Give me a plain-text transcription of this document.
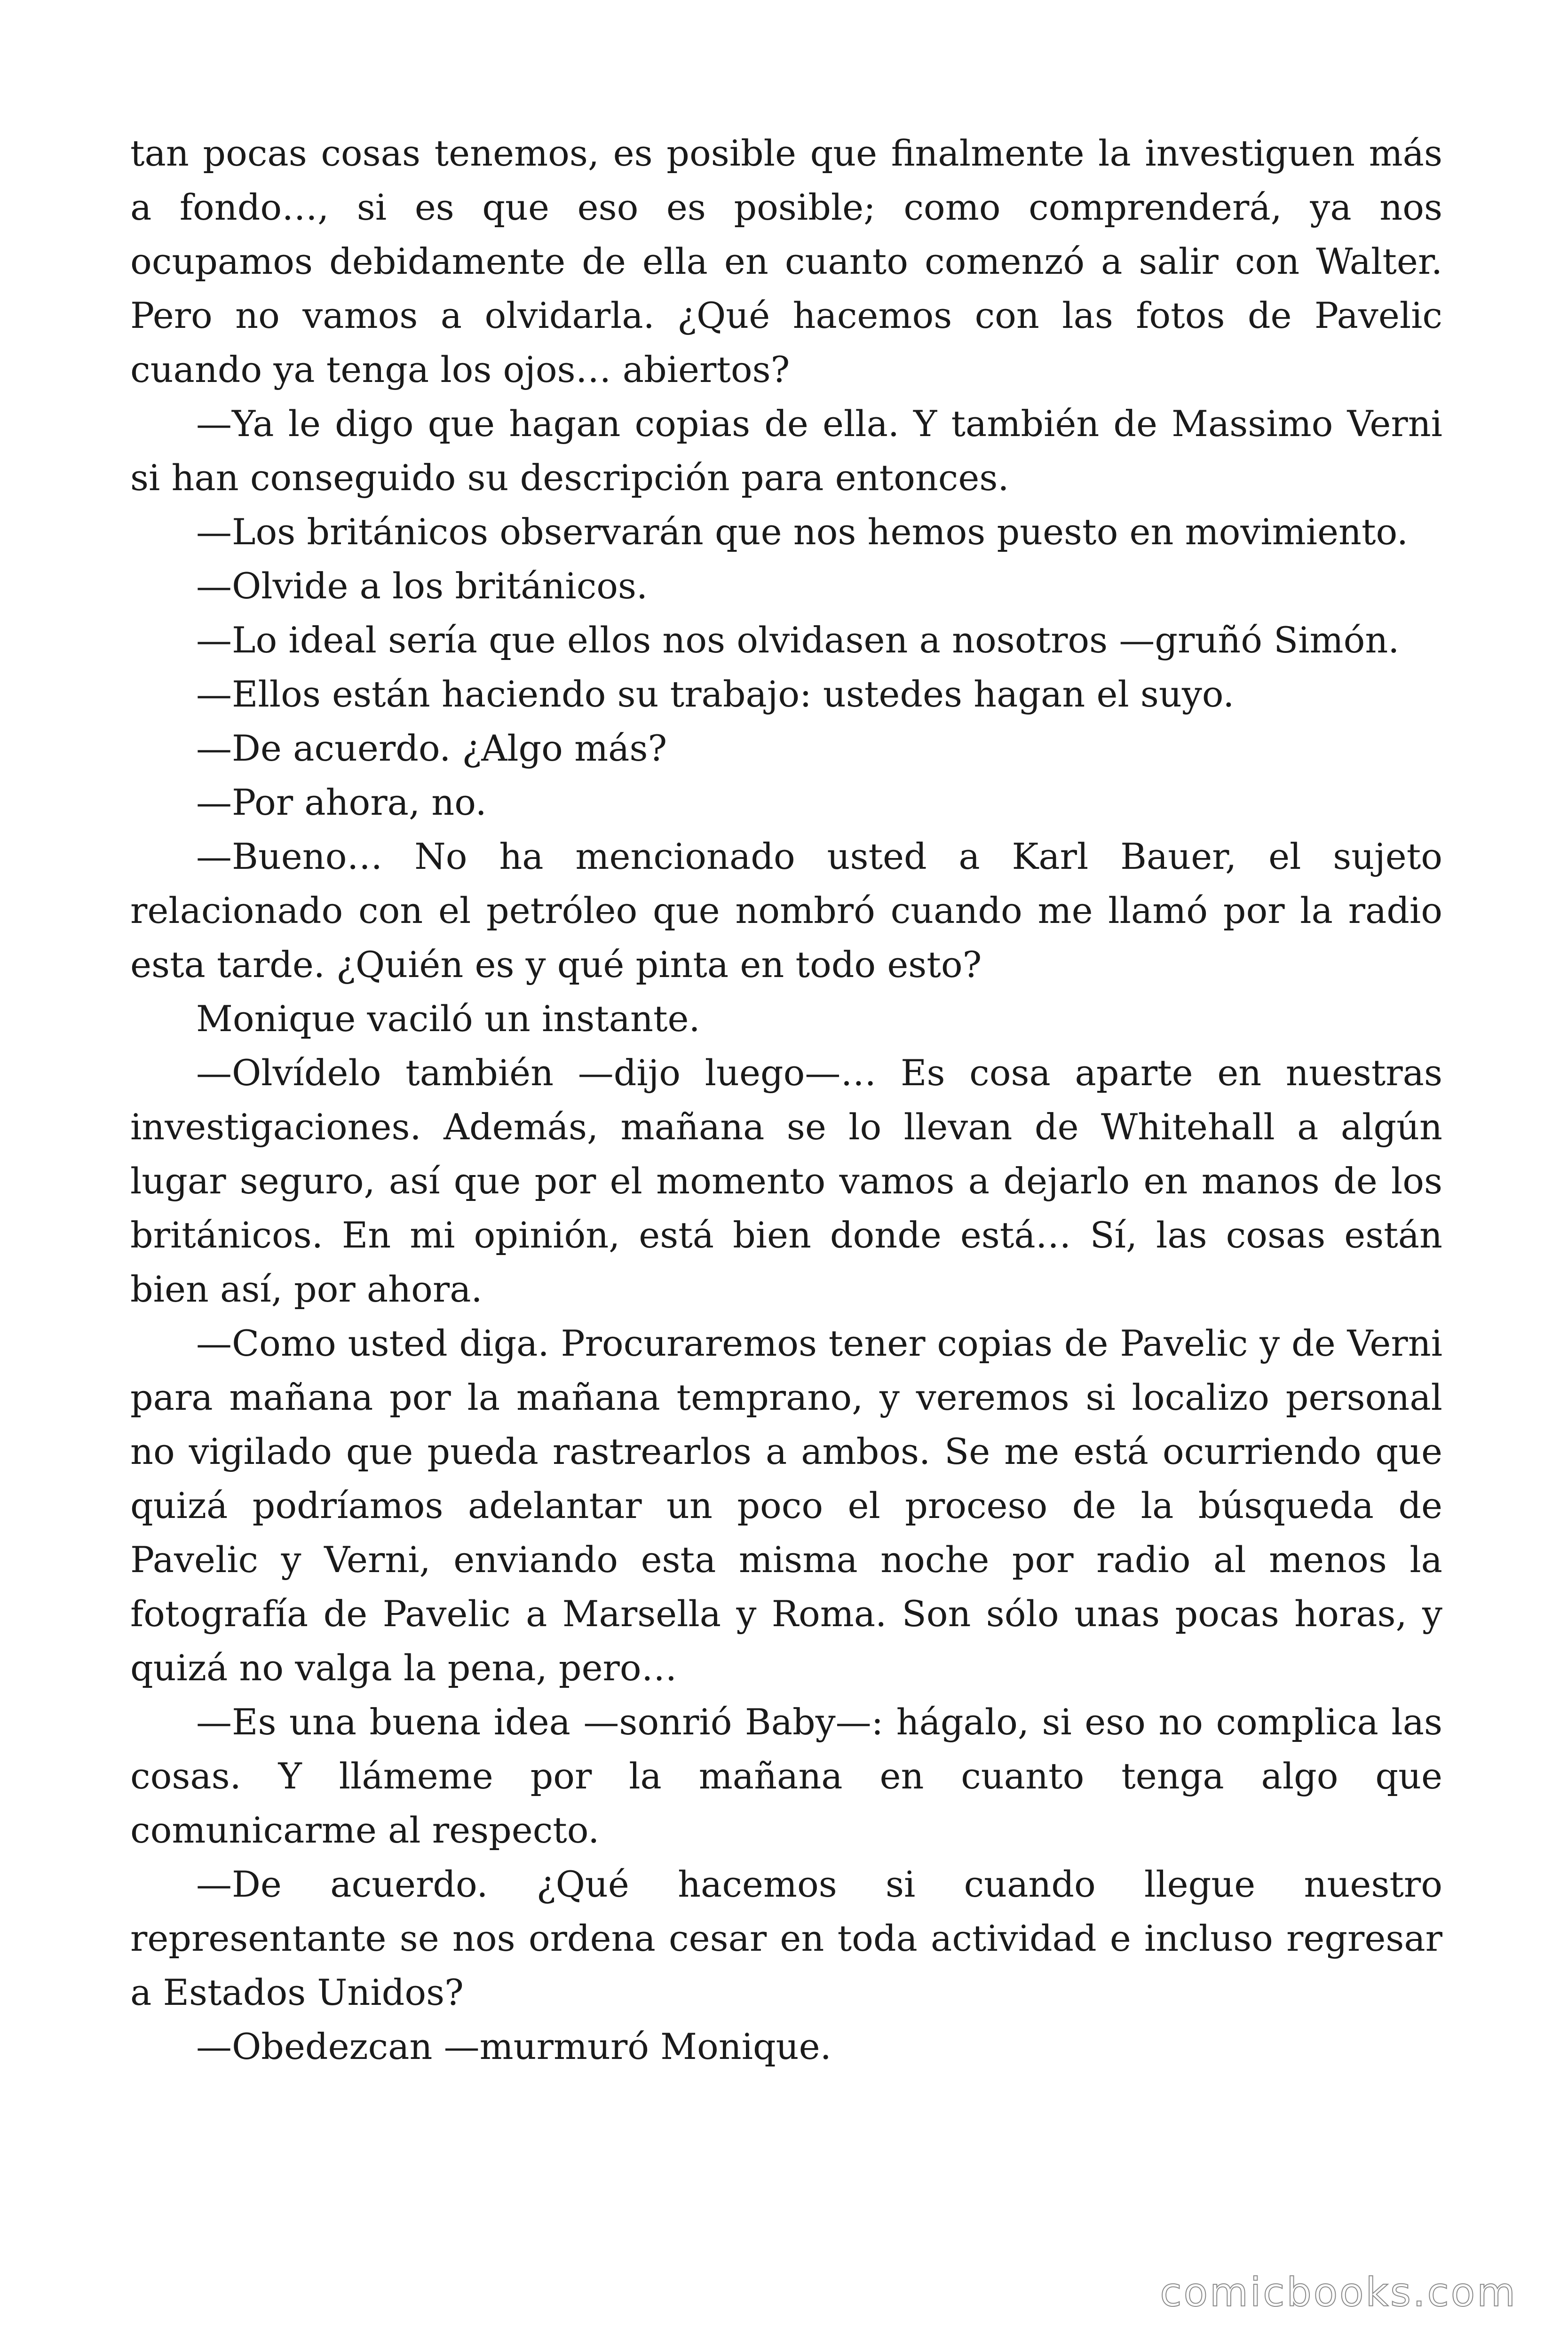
tan pocas cosas tenemos, es posible que finalmente la investiguen más a fondo…, si es que eso es posible; como comprenderá, ya nos ocupamos debidamente de ella en cuanto comenzó a salir con Walter. Pero no vamos a olvidarla. ¿Qué hacemos con las fotos de Pavelic cuando ya tenga los ojos… abiertos?

—Ya le digo que hagan copias de ella. Y también de Massimo Verni si han conseguido su descripción para entonces.

—Los británicos observarán que nos hemos puesto en movimiento.

—Olvide a los británicos.

—Lo ideal sería que ellos nos olvidasen a nosotros —gruñó Simón.

—Ellos están haciendo su trabajo: ustedes hagan el suyo.

—De acuerdo. ¿Algo más?

—Por ahora, no.

—Bueno… No ha mencionado usted a Karl Bauer, el sujeto relacionado con el petróleo que nombró cuando me llamó por la radio esta tarde. ¿Quién es y qué pinta en todo esto?

Monique vaciló un instante.

—Olvídelo también —dijo luego—… Es cosa aparte en nuestras investigaciones. Además, mañana se lo llevan de Whitehall a algún lugar seguro, así que por el momento vamos a dejarlo en manos de los británicos. En mi opinión, está bien donde está… Sí, las cosas están bien así, por ahora.

—Como usted diga. Procuraremos tener copias de Pavelic y de Verni para mañana por la mañana temprano, y veremos si localizo personal no vigilado que pueda rastrearlos a ambos. Se me está ocurriendo que quizá podríamos adelantar un poco el proceso de la búsqueda de Pavelic y Verni, enviando esta misma noche por radio al menos la fotografía de Pavelic a Marsella y Roma. Son sólo unas pocas horas, y quizá no valga la pena, pero…

—Es una buena idea —sonrió Baby—: hágalo, si eso no complica las cosas. Y llámeme por la mañana en cuanto tenga algo que comunicarme al respecto.

—De acuerdo. ¿Qué hacemos si cuando llegue nuestro representante se nos ordena cesar en toda actividad e incluso regresar a Estados Unidos?

—Obedezcan —murmuró Monique.

comicbooks.com
